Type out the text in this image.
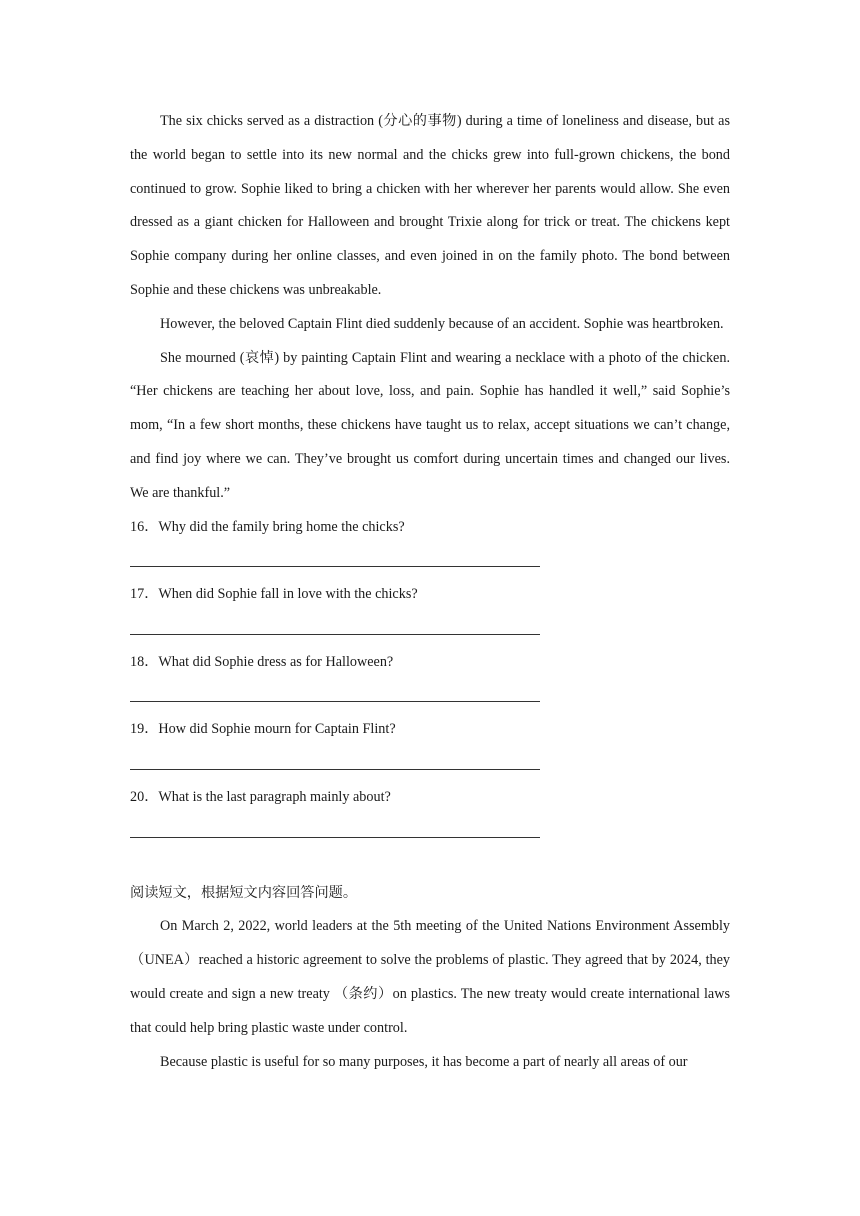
The six chicks served as a distraction (分心的事物) during a time of loneliness and disease, but as the world began to settle into its new normal and the chicks grew into full-grown chickens, the bond continued to grow. Sophie liked to bring a chicken with her wherever her parents would allow. She even dressed as a giant chicken for Halloween and brought Trixie along for trick or treat. The chickens kept Sophie company during her online classes, and even joined in on the family photo. The bond between Sophie and these chickens was unbreakable.

However, the beloved Captain Flint died suddenly because of an accident. Sophie was heartbroken.

She mourned (哀悼) by painting Captain Flint and wearing a necklace with a photo of the chicken. “Her chickens are teaching her about love, loss, and pain. Sophie has handled it well,” said Sophie’s mom, “In a few short months, these chickens have taught us to relax, accept situations we can’t change, and find joy where we can. They’ve brought us comfort during uncertain times and changed our lives. We are thankful.”

16．Why did the family bring home the chicks?

17．When did Sophie fall in love with the chicks?

18．What did Sophie dress as for Halloween?

19．How did Sophie mourn for Captain Flint?

20．What is the last paragraph mainly about?

阅读短文，根据短文内容回答问题。

On March 2, 2022, world leaders at the 5th meeting of the United Nations Environment Assembly （UNEA）reached a historic agreement to solve the problems of plastic. They agreed that by 2024, they would create and sign a new treaty （条约）on plastics. The new treaty would create international laws that could help bring plastic waste under control.

Because plastic is useful for so many purposes, it has become a part of nearly all areas of our
